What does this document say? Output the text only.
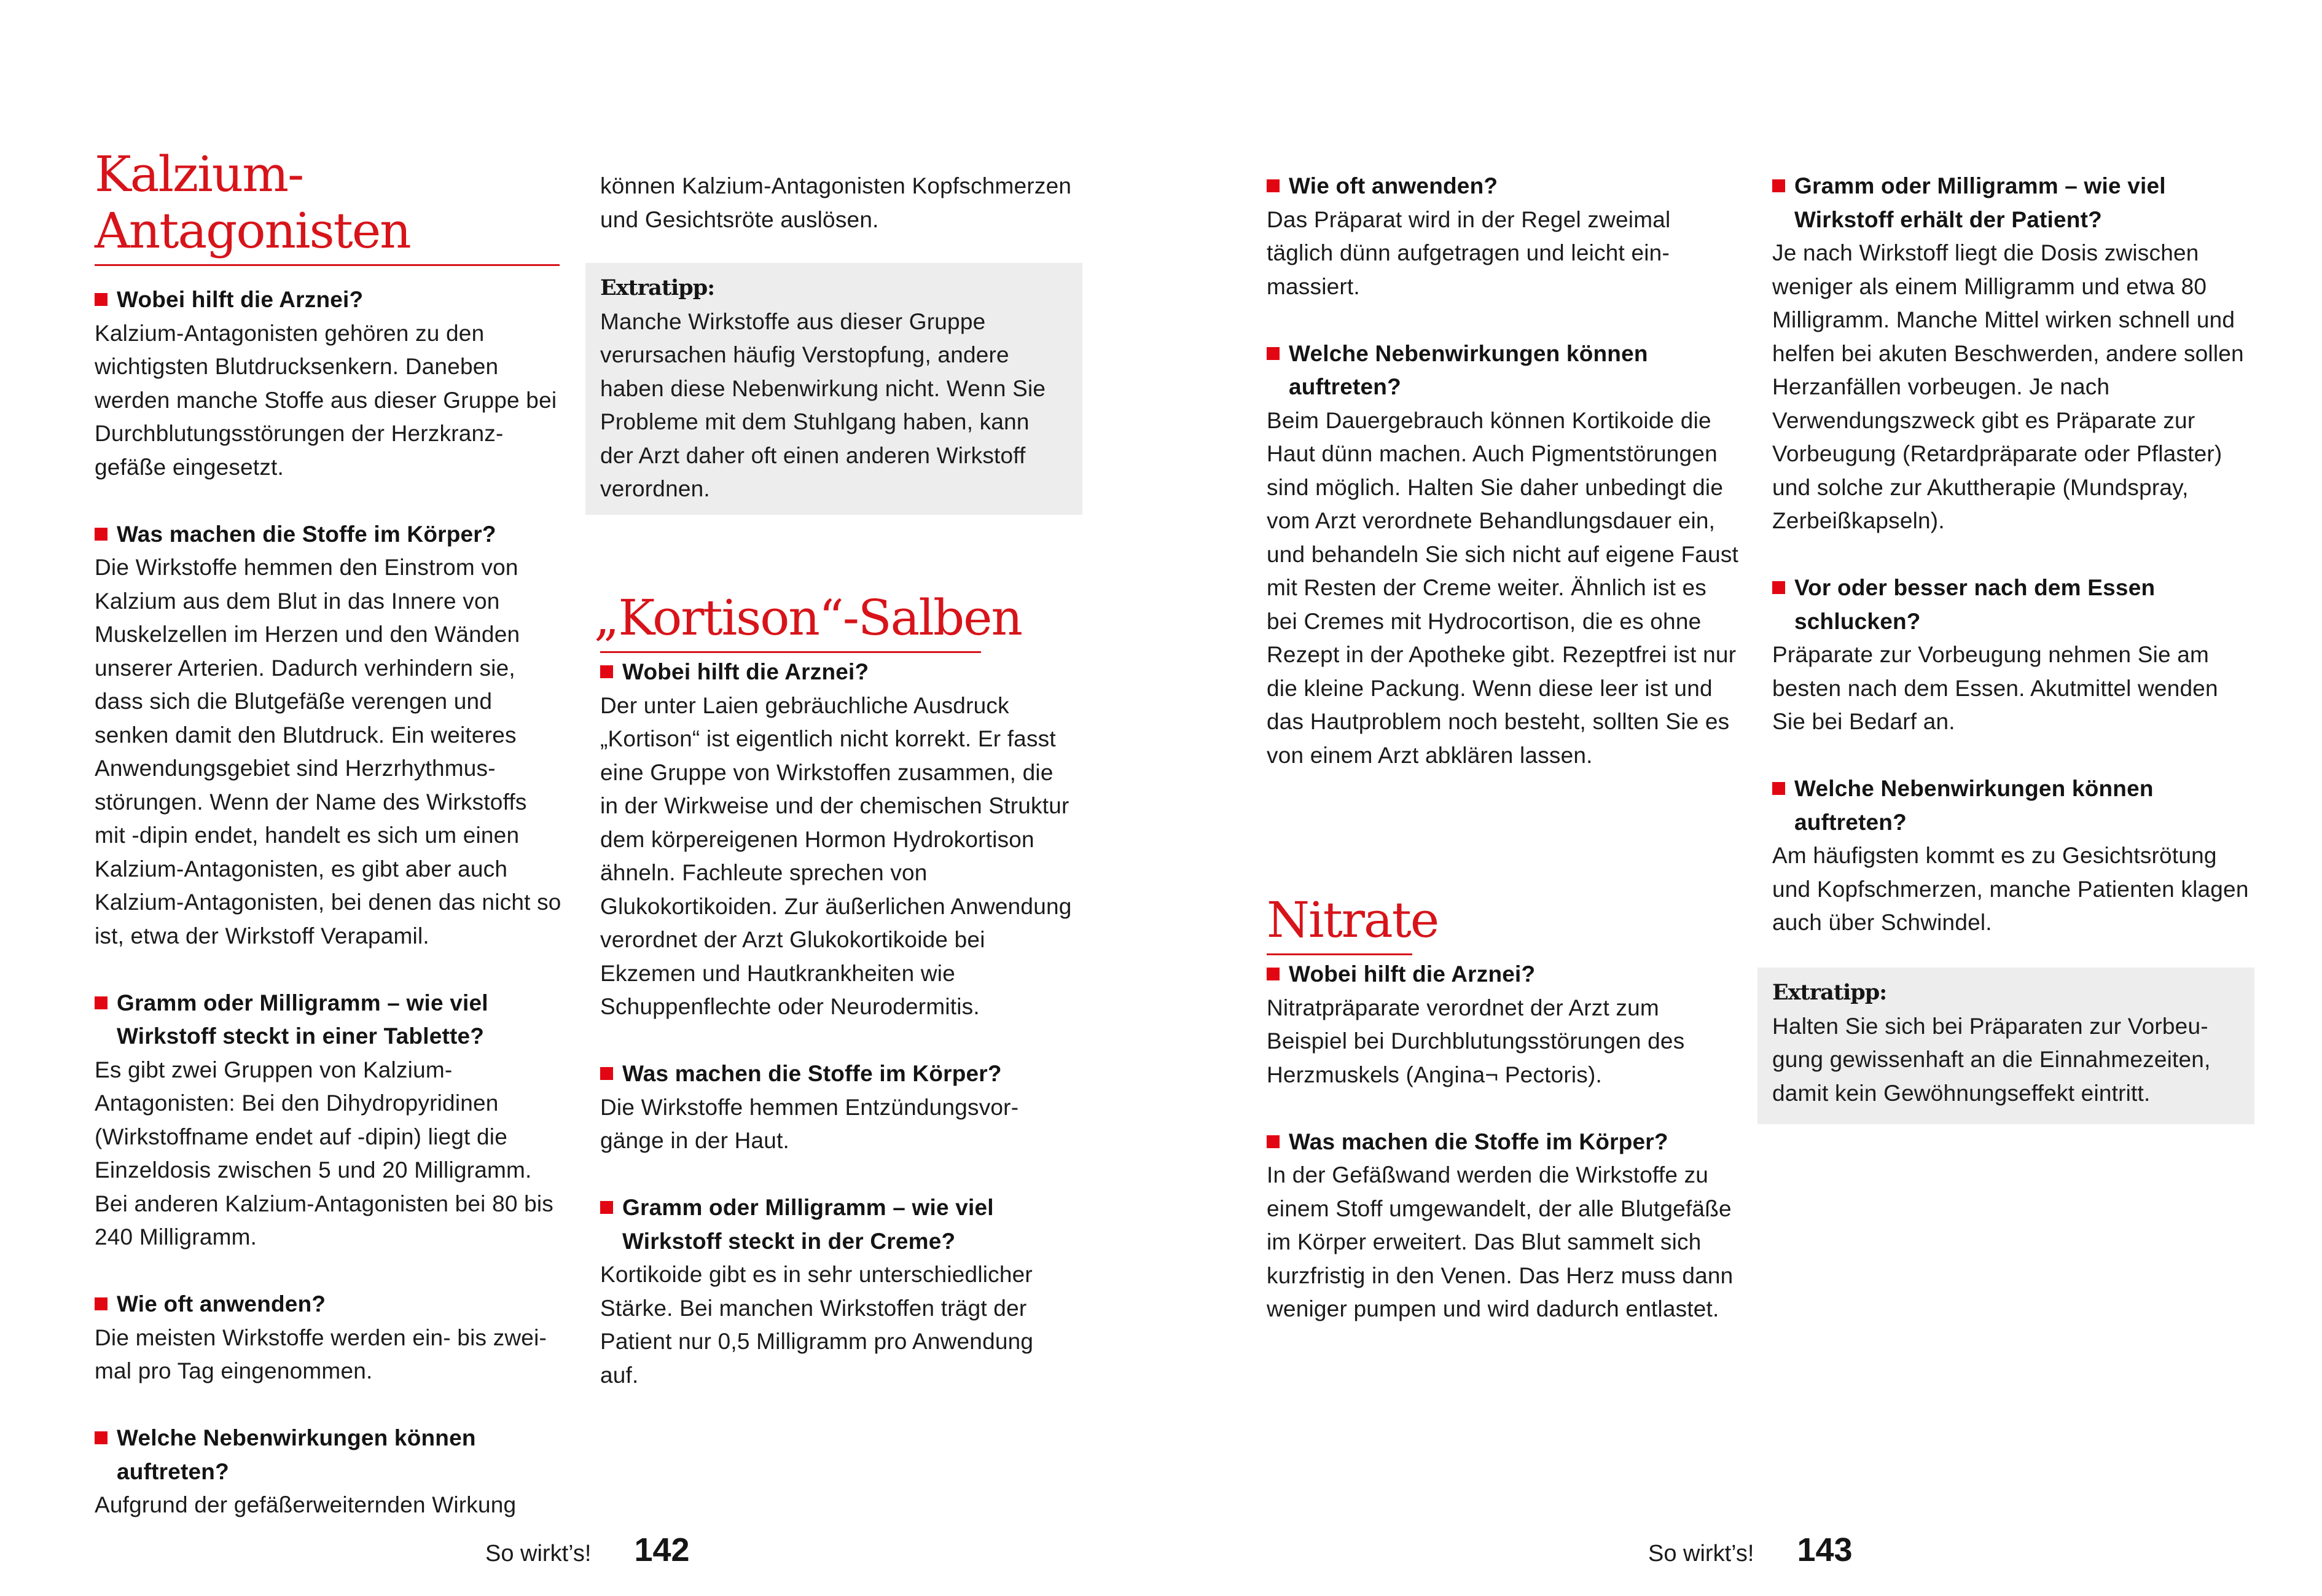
Kalzium-Antagonisten
Wobei hilft die Arznei?
Kalzium-Antagonisten gehören zu den wichtigsten Blutdrucksenkern. Daneben werden manche Stoffe aus dieser Gruppe bei Durchblutungsstörungen der Herzkranzgefäße eingesetzt.
Was machen die Stoffe im Körper?
Die Wirkstoffe hemmen den Einstrom von Kalzium aus dem Blut in das Innere von Muskelzellen im Herzen und den Wänden unserer Arterien. Dadurch verhindern sie, dass sich die Blutgefäße verengen und senken damit den Blutdruck. Ein weiteres Anwendungsgebiet sind Herzrhythmusstörungen. Wenn der Name des Wirkstoffs mit -dipin endet, handelt es sich um einen Kalzium-Antagonisten, es gibt aber auch Kalzium-Antagonisten, bei denen das nicht so ist, etwa der Wirkstoff Verapamil.
Gramm oder Milligramm – wie viel Wirkstoff steckt in einer Tablette?
Es gibt zwei Gruppen von Kalzium-Antagonisten: Bei den Dihydropyridinen (Wirkstoffname endet auf -dipin) liegt die Einzeldosis zwischen 5 und 20 Milligramm. Bei anderen Kalzium-Antagonisten bei 80 bis 240 Milligramm.
Wie oft anwenden?
Die meisten Wirkstoffe werden ein- bis zweimal pro Tag eingenommen.
Welche Nebenwirkungen können auftreten?
Aufgrund der gefäßerweiternden Wirkung
können Kalzium-Antagonisten Kopfschmerzen und Gesichtsröte auslösen.
Extratipp:
Manche Wirkstoffe aus dieser Gruppe verursachen häufig Verstopfung, andere haben diese Nebenwirkung nicht. Wenn Sie Probleme mit dem Stuhlgang haben, kann der Arzt daher oft einen anderen Wirkstoff verordnen.
„Kortison“-Salben
Wobei hilft die Arznei?
Der unter Laien gebräuchliche Ausdruck „Kortison“ ist eigentlich nicht korrekt. Er fasst eine Gruppe von Wirkstoffen zusammen, die in der Wirkweise und der chemischen Struktur dem körpereigenen Hormon Hydrokortison ähneln. Fachleute sprechen von Glukokortikoiden. Zur äußerlichen Anwendung verordnet der Arzt Glukokortikoide bei Ekzemen und Hautkrankheiten wie Schuppenflechte oder Neurodermitis.
Was machen die Stoffe im Körper?
Die Wirkstoffe hemmen Entzündungsvorgänge in der Haut.
Gramm oder Milligramm – wie viel Wirkstoff steckt in der Creme?
Kortikoide gibt es in sehr unterschiedlicher Stärke. Bei manchen Wirkstoffen trägt der Patient nur 0,5 Milligramm pro Anwendung auf.
So wirkt’s! 142
Wie oft anwenden?
Das Präparat wird in der Regel zweimal täglich dünn aufgetragen und leicht einmassiert.
Welche Nebenwirkungen können auftreten?
Beim Dauergebrauch können Kortikoide die Haut dünn machen. Auch Pigmentstörungen sind möglich. Halten Sie daher unbedingt die vom Arzt verordnete Behandlungsdauer ein, und behandeln Sie sich nicht auf eigene Faust mit Resten der Creme weiter. Ähnlich ist es bei Cremes mit Hydrocortison, die es ohne Rezept in der Apotheke gibt. Rezeptfrei ist nur die kleine Packung. Wenn diese leer ist und das Hautproblem noch besteht, sollten Sie es von einem Arzt abklären lassen.
Nitrate
Wobei hilft die Arznei?
Nitratpräparate verordnet der Arzt zum Beispiel bei Durchblutungsstörungen des Herzmuskels (Angina¬ Pectoris).
Was machen die Stoffe im Körper?
In der Gefäßwand werden die Wirkstoffe zu einem Stoff umgewandelt, der alle Blutgefäße im Körper erweitert. Das Blut sammelt sich kurzfristig in den Venen. Das Herz muss dann weniger pumpen und wird dadurch entlastet.
Gramm oder Milligramm – wie viel Wirkstoff erhält der Patient?
Je nach Wirkstoff liegt die Dosis zwischen weniger als einem Milligramm und etwa 80 Milligramm. Manche Mittel wirken schnell und helfen bei akuten Beschwerden, andere sollen Herzanfällen vorbeugen. Je nach Verwendungszweck gibt es Präparate zur Vorbeugung (Retardpräparate oder Pflaster) und solche zur Akuttherapie (Mundspray, Zerbeißkapseln).
Vor oder besser nach dem Essen schlucken?
Präparate zur Vorbeugung nehmen Sie am besten nach dem Essen. Akutmittel wenden Sie bei Bedarf an.
Welche Nebenwirkungen können auftreten?
Am häufigsten kommt es zu Gesichtsrötung und Kopfschmerzen, manche Patienten klagen auch über Schwindel.
Extratipp:
Halten Sie sich bei Präparaten zur Vorbeugung gewissenhaft an die Einnahmezeiten, damit kein Gewöhnungseffekt eintritt.
So wirkt’s! 143
